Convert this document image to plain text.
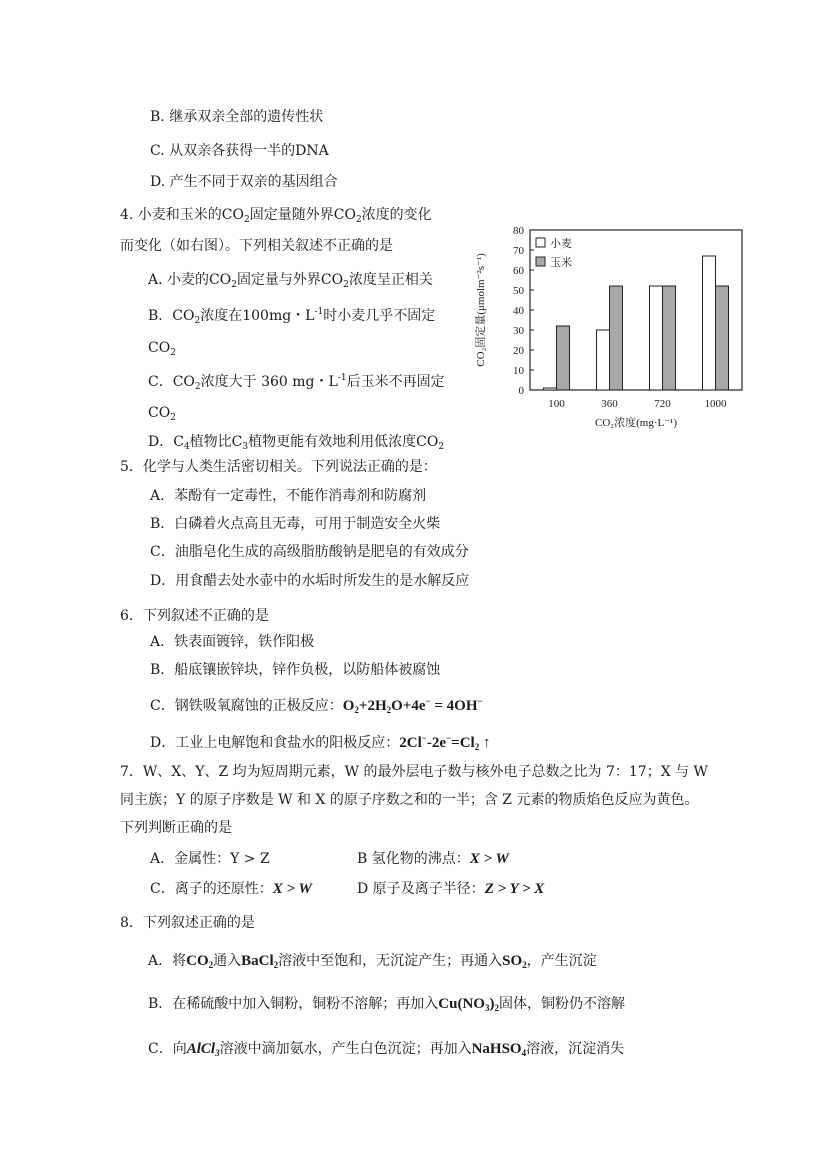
B. 继承双亲全部的遗传性状
C. 从双亲各获得一半的DNA
D. 产生不同于双亲的基因组合
4. 小麦和玉米的$CO_2$固定量随外界$CO_2$浓度的变化
而变化（如右图）。下列相关叙述不正确的是
A. 小麦的$CO_2$固定量与外界$CO_2$浓度呈正相关
B．$CO_2$浓度在100mg・$L^{-1}$时小麦几乎不固定
$CO_2$
C．$CO_2$浓度大于 360 mg・$L^{-1}$后玉米不再固定
$CO_2$
D．$C_4$植物比$C_3$植物更能有效地利用低浓度$CO_2$
0
10
20
30
40
50
60
70
80
100	360	720	1000
小麦
玉米
CO₂浓度(mg·L⁻¹)
CO₂固定量(μmolm⁻²s⁻¹)
5．化学与人类生活密切相关。下列说法正确的是：
A．苯酚有一定毒性，不能作消毒剂和防腐剂
B．白磷着火点高且无毒，可用于制造安全火柴
C．油脂皂化生成的高级脂肪酸钠是肥皂的有效成分
D．用食醋去处水壶中的水垢时所发生的是水解反应
6．下列叙述不正确的是
A．铁表面镀锌，铁作阳极
B．船底镶嵌锌块，锌作负极，以防船体被腐蚀
C．钢铁吸氧腐蚀的正极反应：$O_2+2H_2O+4e^- = 4OH^-$
D．工业上电解饱和食盐水的阳极反应：$2Cl^--2e^-=Cl_2$ ↑
7．W、X、Y、Z 均为短周期元素，W 的最外层电子数与核外电子总数之比为 7：17；X 与 W
同主族；Y 的原子序数是 W 和 X 的原子序数之和的一半；含 Z 元素的物质焰色反应为黄色。
下列判断正确的是
A．金属性：Y > Z	B 氢化物的沸点：X > W
C．离子的还原性：X > W	D 原子及离子半径：Z > Y > X
8．下列叙述正确的是
A．将$CO_2$通入BaCl$_2$溶液中至饱和，无沉淀产生；再通入$SO_2$，产生沉淀
B．在稀硫酸中加入铜粉，铜粉不溶解；再加入$Cu(NO_3)_2$固体，铜粉仍不溶解
C．向AlCl$_3$溶液中滴加氨水，产生白色沉淀；再加入NaHSO$_4$溶液，沉淀消失
